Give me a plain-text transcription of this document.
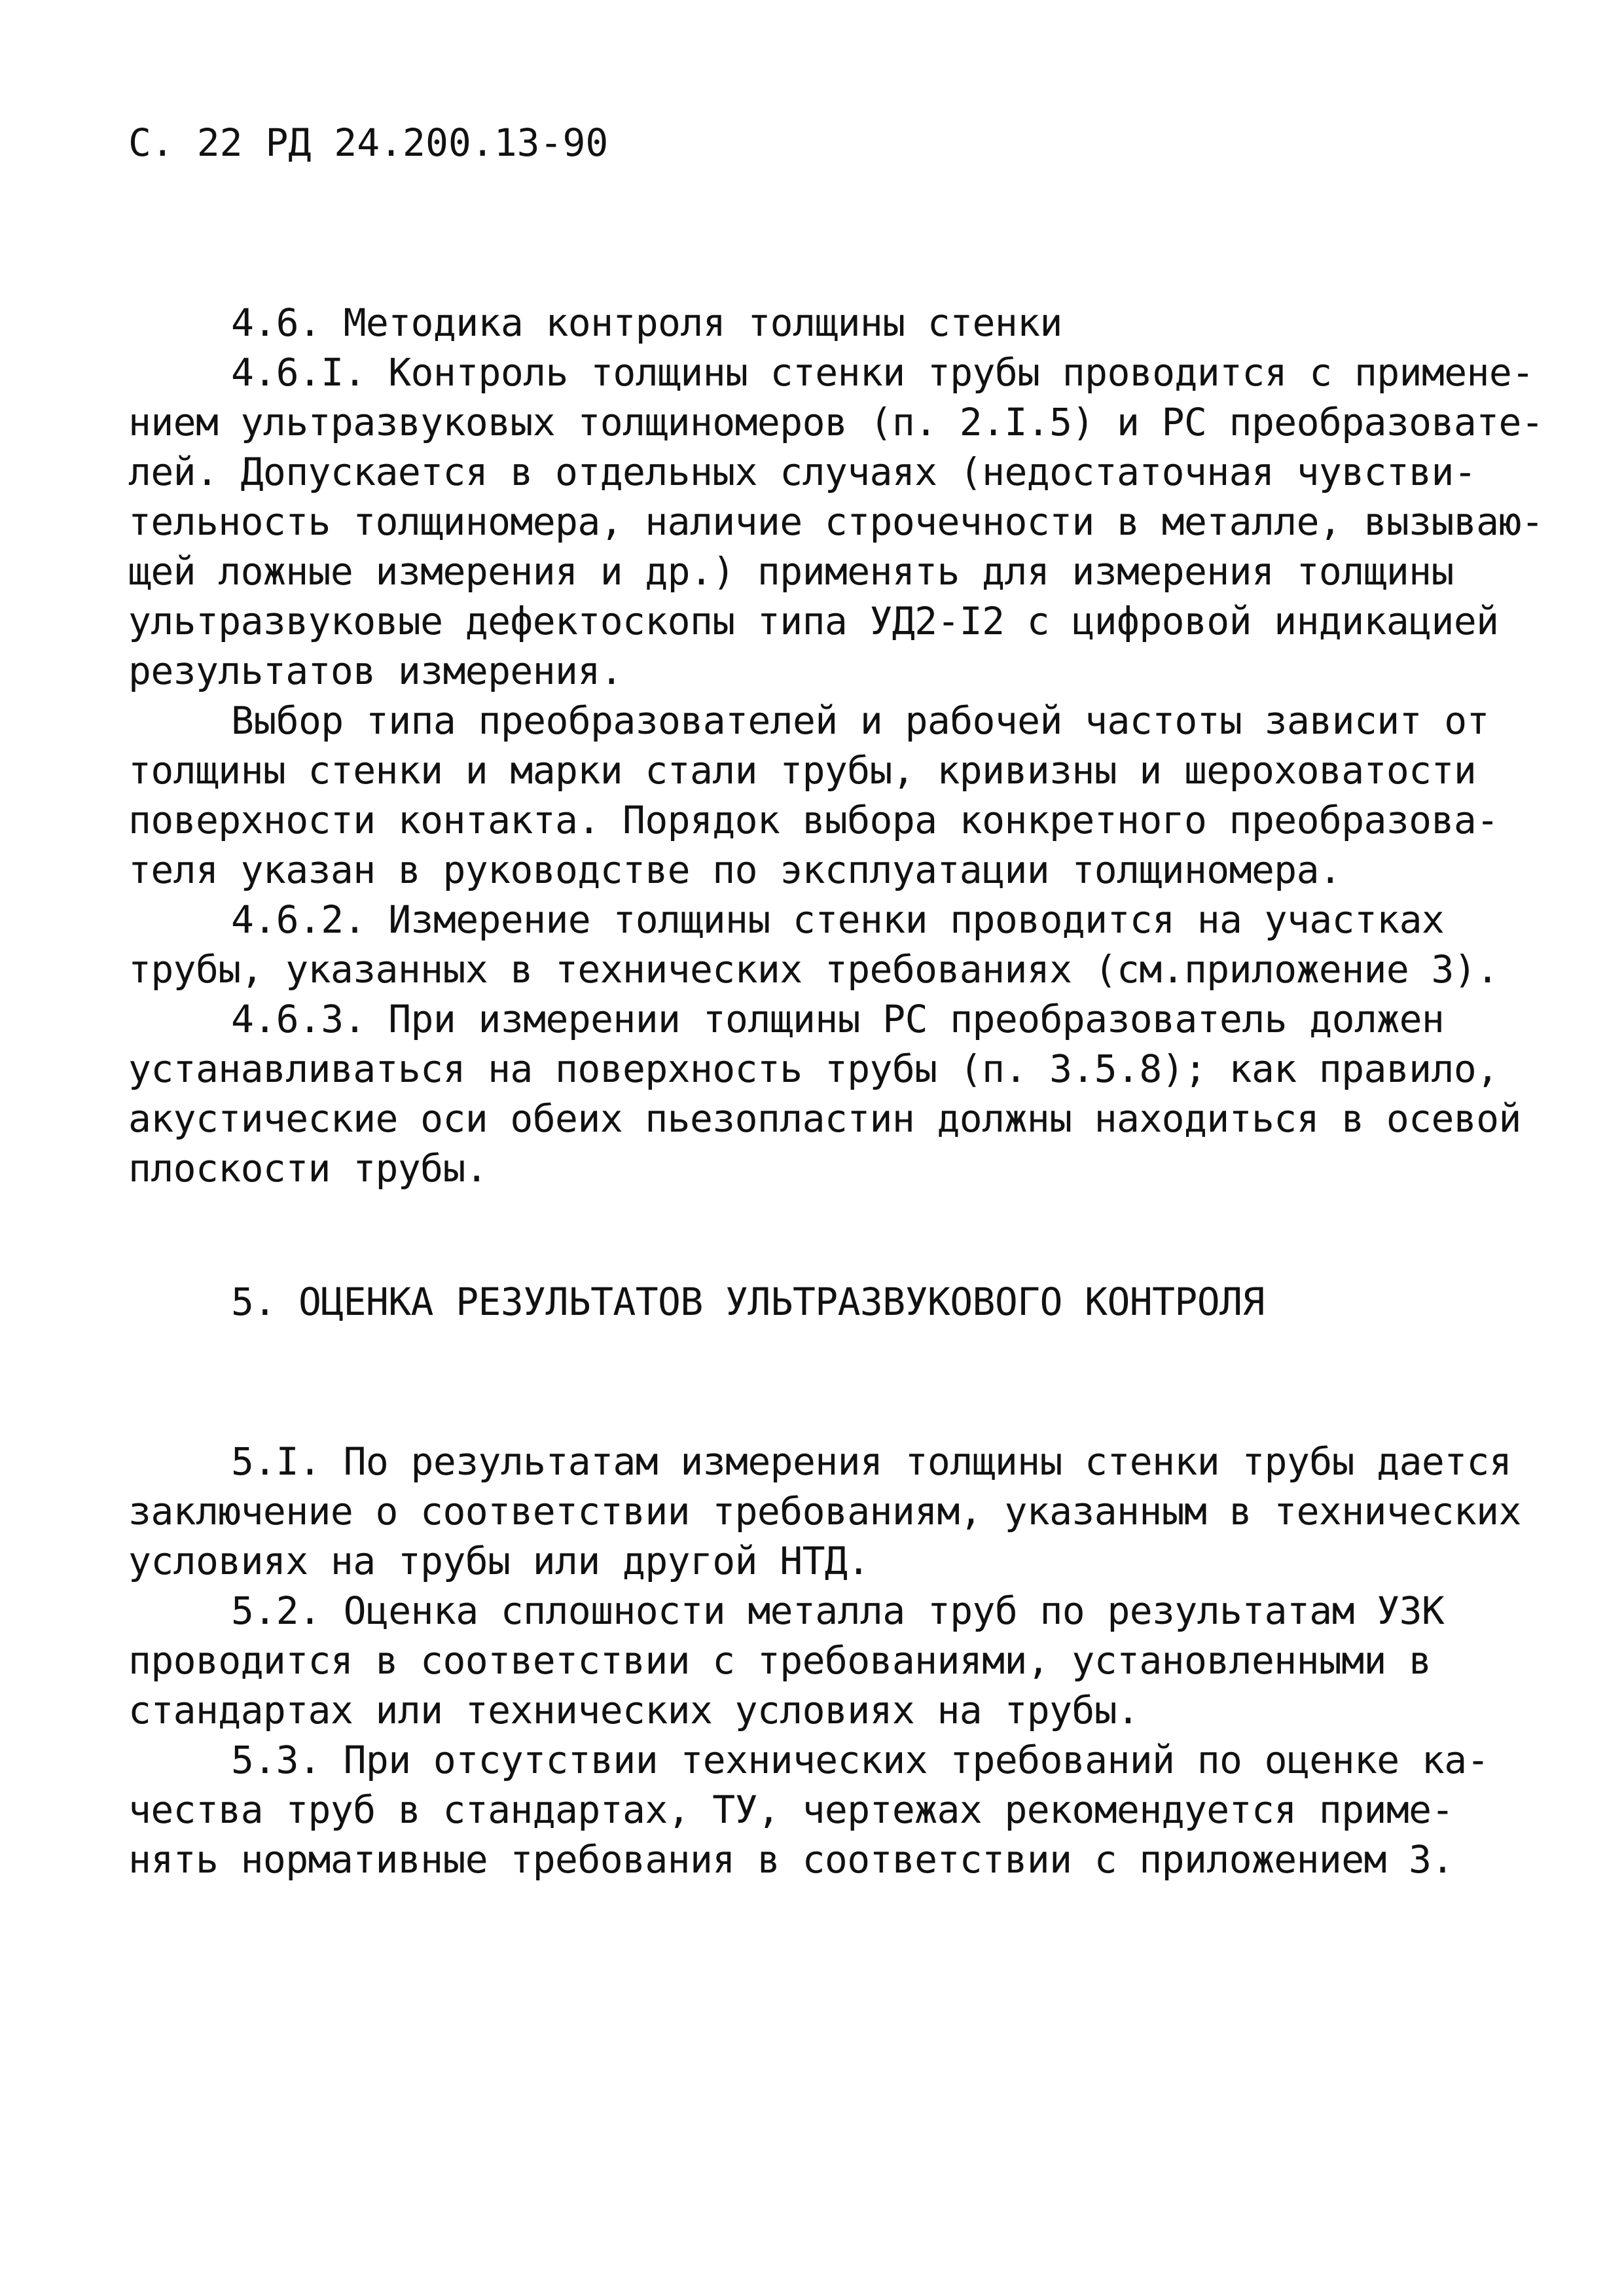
С. 22 РД 24.200.13-90
4.6. Методика контроля толщины стенки
4.6.I. Контроль толщины стенки трубы проводится с примене-
нием ультразвуковых толщиномеров (п. 2.I.5) и РС преобразовате-
лей. Допускается в отдельных случаях (недостаточная чувстви-
тельность толщиномера, наличие строчечности в металле, вызываю-
щей ложные измерения и др.) применять для измерения толщины
ультразвуковые дефектоскопы типа УД2-I2 с цифровой индикацией
результатов измерения.
Выбор типа преобразователей и рабочей частоты зависит от
толщины стенки и марки стали трубы, кривизны и шероховатости
поверхности контакта. Порядок выбора конкретного преобразова-
теля указан в руководстве по эксплуатации толщиномера.
4.6.2. Измерение толщины стенки проводится на участках
трубы, указанных в технических требованиях (см.приложение 3).
4.6.3. При измерении толщины РС преобразователь должен
устанавливаться на поверхность трубы (п. 3.5.8); как правило,
акустические оси обеих пьезопластин должны находиться в осевой
плоскости трубы.
5. ОЦЕНКА РЕЗУЛЬТАТОВ УЛЬТРАЗВУКОВОГО КОНТРОЛЯ
5.I. По результатам измерения толщины стенки трубы дается
заключение о соответствии требованиям, указанным в технических
условиях на трубы или другой НТД.
5.2. Оценка сплошности металла труб по результатам УЗК
проводится в соответствии с требованиями, установленными в
стандартах или технических условиях на трубы.
5.3. При отсутствии технических требований по оценке ка-
чества труб в стандартах, ТУ, чертежах рекомендуется приме-
нять нормативные требования в соответствии с приложением 3.
